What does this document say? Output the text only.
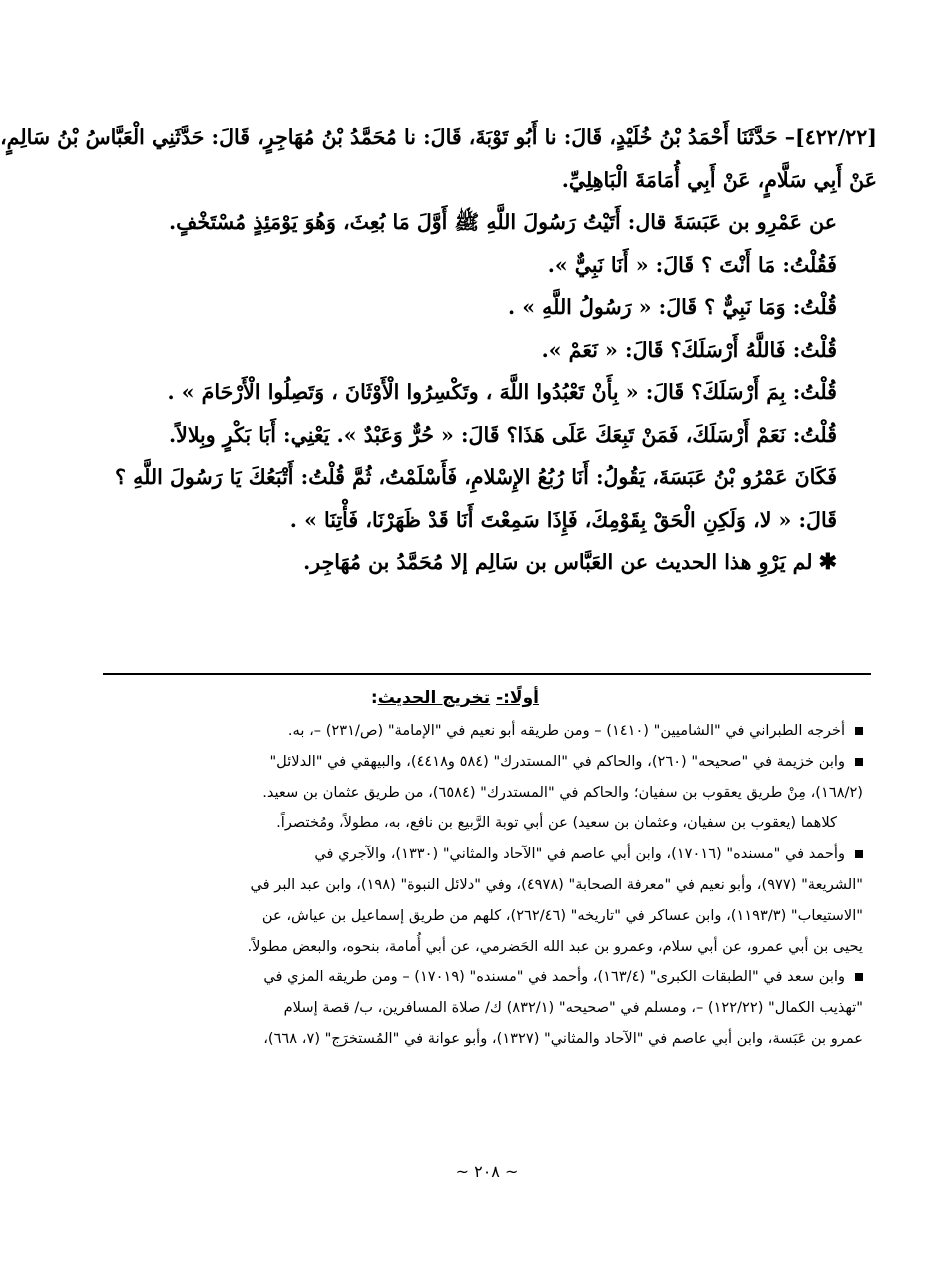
[٤٢٢/٢٢]– حَدَّثَنَا أَحْمَدُ بْنُ خُلَيْدٍ، قَالَ: نا أَبُو تَوْبَةَ، قَالَ: نا مُحَمَّدُ بْنُ مُهَاجِرٍ، قَالَ: حَدَّثَنِي الْعَبَّاسُ بْنُ سَالِمٍ،
عَنْ أَبِي سَلَّامٍ، عَنْ أَبِي أُمَامَةَ الْبَاهِلِيِّ.
عن عَمْرِو بن عَبَسَةَ قال: أَتَيْتُ رَسُولَ اللَّهِ ﷺ أَوَّلَ مَا بُعِثَ، وَهُوَ يَوْمَئِذٍ مُسْتَخْفٍ.
فَقُلْتُ: مَا أَنْتَ ؟ قَالَ: « أَنَا نَبِيٌّ ».
قُلْتُ: وَمَا نَبِيٌّ ؟ قَالَ: « رَسُولُ اللَّهِ » .
قُلْتُ: فَاللَّهُ أَرْسَلَكَ؟ قَالَ: « نَعَمْ ».
قُلْتُ: بِمَ أَرْسَلَكَ؟ قَالَ: « بِأَنْ تَعْبُدُوا اللَّهَ ، وتَكْسِرُوا الْأَوْثَانَ ، وَتَصِلُوا الْأَرْحَامَ » .
قُلْتُ: نَعَمْ أَرْسَلَكَ، فَمَنْ تَبِعَكَ عَلَى هَذَا؟ قَالَ: « حُرٌّ وَعَبْدٌ ». يَعْنِي: أَبَا بَكْرٍ وبِلالاً.
فَكَانَ عَمْرُو بْنُ عَبَسَةَ، يَقُولُ: أَنَا رُبُعُ الإِسْلامِ، فَأَسْلَمْتُ، ثُمَّ قُلْتُ: أَتْبَعُكَ يَا رَسُولَ اللَّهِ ؟
قَالَ: « لا، وَلَكِنِ الْحَقْ بِقَوْمِكَ، فَإِذَا سَمِعْتَ أَنَا قَدْ ظَهَرْنَا، فَأْتِنَا » .
✱لم يَرْوِ هذا الحديث عن العَبَّاس بن سَالِم إلا مُحَمَّدُ بن مُهَاجِر.
أولًا:- تخريج الحديث:
أخرجه الطبراني في "الشاميين" (١٤١٠) – ومن طريقه أبو نعيم في "الإمامة" (ص/٢٣١) –، به.
وابن خزيمة في "صحيحه" (٢٦٠)، والحاكم في "المستدرك" (٥٨٤ و٤٤١٨)، والبيهقي في "الدلائل"
(١٦٨/٢)، مِنْ طريق يعقوب بن سفيان؛ والحاكم في "المستدرك" (٦٥٨٤)، من طريق عثمان بن سعيد.
كلاهما (يعقوب بن سفيان، وعثمان بن سعيد) عن أبي توبة الرَّبيع بن نافع، به، مطولاً، ومُختصراً.
وأحمد في "مسنده" (١٧٠١٦)، وابن أبي عاصم في "الآحاد والمثاني" (١٣٣٠)، والآجري في
"الشريعة" (٩٧٧)، وأبو نعيم في "معرفة الصحابة" (٤٩٧٨)، وفي "دلائل النبوة" (١٩٨)، وابن عبد البر في
"الاستيعاب" (١١٩٣/٣)، وابن عساكر في "تاريخه" (٢٦٢/٤٦)، كلهم من طريق إسماعيل بن عياش، عن
يحيى بن أبي عمرو، عن أبي سلام، وعمرو بن عبد الله الحَضرمي، عن أبي أُمامة، بنحوه، والبعض مطولاً.
وابن سعد في "الطبقات الكبرى" (١٦٣/٤)، وأحمد في "مسنده" (١٧٠١٩) – ومن طريقه المزي في
"تهذيب الكمال" (١٢٢/٢٢) –، ومسلم في "صحيحه" (٨٣٢/١) ك/ صلاة المسافرين، ب/ قصة إسلام
عمرو بن عَبَسة، وابن أبي عاصم في "الآحاد والمثاني" (١٣٢٧)، وأبو عوانة في "المُستخرَج" (٧، ٦٦٨)،
~ ٢٠٨ ~
